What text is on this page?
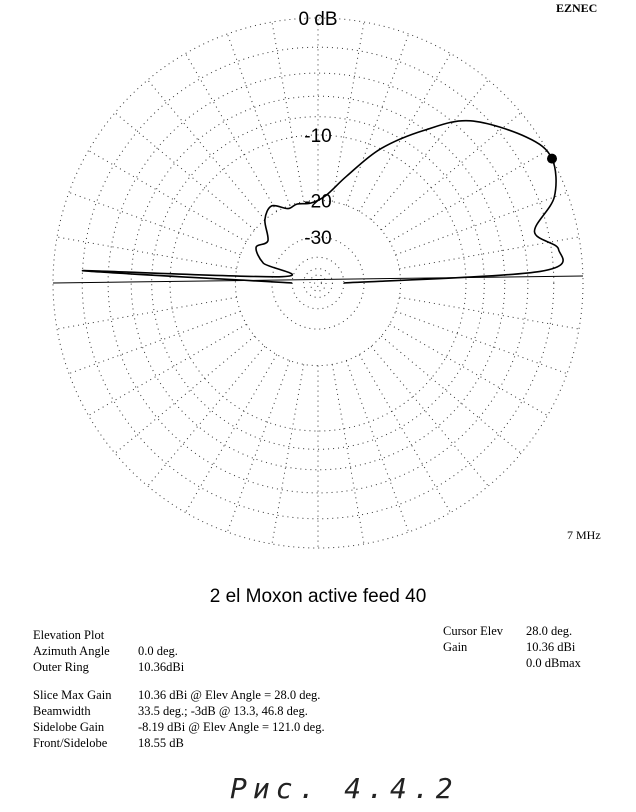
0 dB
-10
-20
-30
EZNEC
7 MHz
2 el Moxon active feed 40
Elevation Plot
Azimuth Angle
Outer Ring
0.0 deg.
10.36dBi
Cursor Elev
Gain
28.0 deg.
10.36 dBi
0.0 dBmax
Slice Max Gain
Beamwidth
Sidelobe Gain
Front/Sidelobe
10.36 dBi @ Elev Angle = 28.0 deg.
33.5 deg.; -3dB @ 13.3, 46.8 deg.
-8.19 dBi @ Elev Angle = 121.0 deg.
18.55 dB
Рис. 4.4.2
